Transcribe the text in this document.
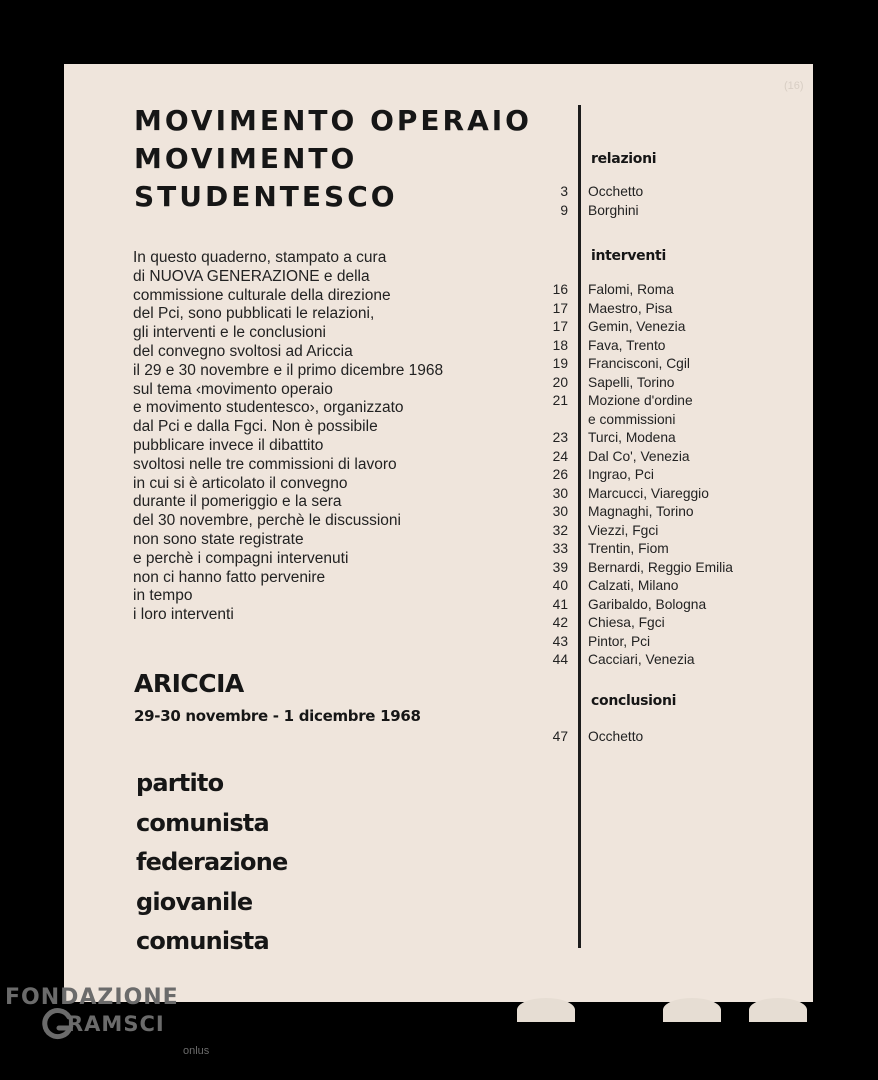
(16)
MOVIMENTO OPERAIO
MOVIMENTO
STUDENTESCO
In questo quaderno, stampato a cura
di NUOVA GENERAZIONE e della
commissione culturale della direzione
del Pci, sono pubblicati le relazioni,
gli interventi e le conclusioni
del convegno svoltosi ad Ariccia
il 29 e 30 novembre e il primo dicembre 1968
sul tema ‹movimento operaio
e movimento studentesco›, organizzato
dal Pci e dalla Fgci. Non è possibile
pubblicare invece il dibattito
svoltosi nelle tre commissioni di lavoro
in cui si è articolato il convegno
durante il pomeriggio e la sera
del 30 novembre, perchè le discussioni
non sono state registrate
e perchè i compagni intervenuti
non ci hanno fatto pervenire
in tempo
i loro interventi
ARICCIA
29-30 novembre - 1 dicembre 1968
partito
comunista
federazione
giovanile
comunista
relazioni
3	Occhetto
9	Borghini
interventi
16	Falomi, Roma
17	Maestro, Pisa
17	Gemin, Venezia
18	Fava, Trento
19	Francisconi, Cgil
20	Sapelli, Torino
21	Mozione d'ordine
e commissioni
23	Turci, Modena
24	Dal Co', Venezia
26	Ingrao, Pci
30	Marcucci, Viareggio
30	Magnaghi, Torino
32	Viezzi, Fgci
33	Trentin, Fiom
39	Bernardi, Reggio Emilia
40	Calzati, Milano
41	Garibaldo, Bologna
42	Chiesa, Fgci
43	Pintor, Pci
44	Cacciari, Venezia
conclusioni
47	Occhetto
FONDAZIONE
RAMSCI
onlus
